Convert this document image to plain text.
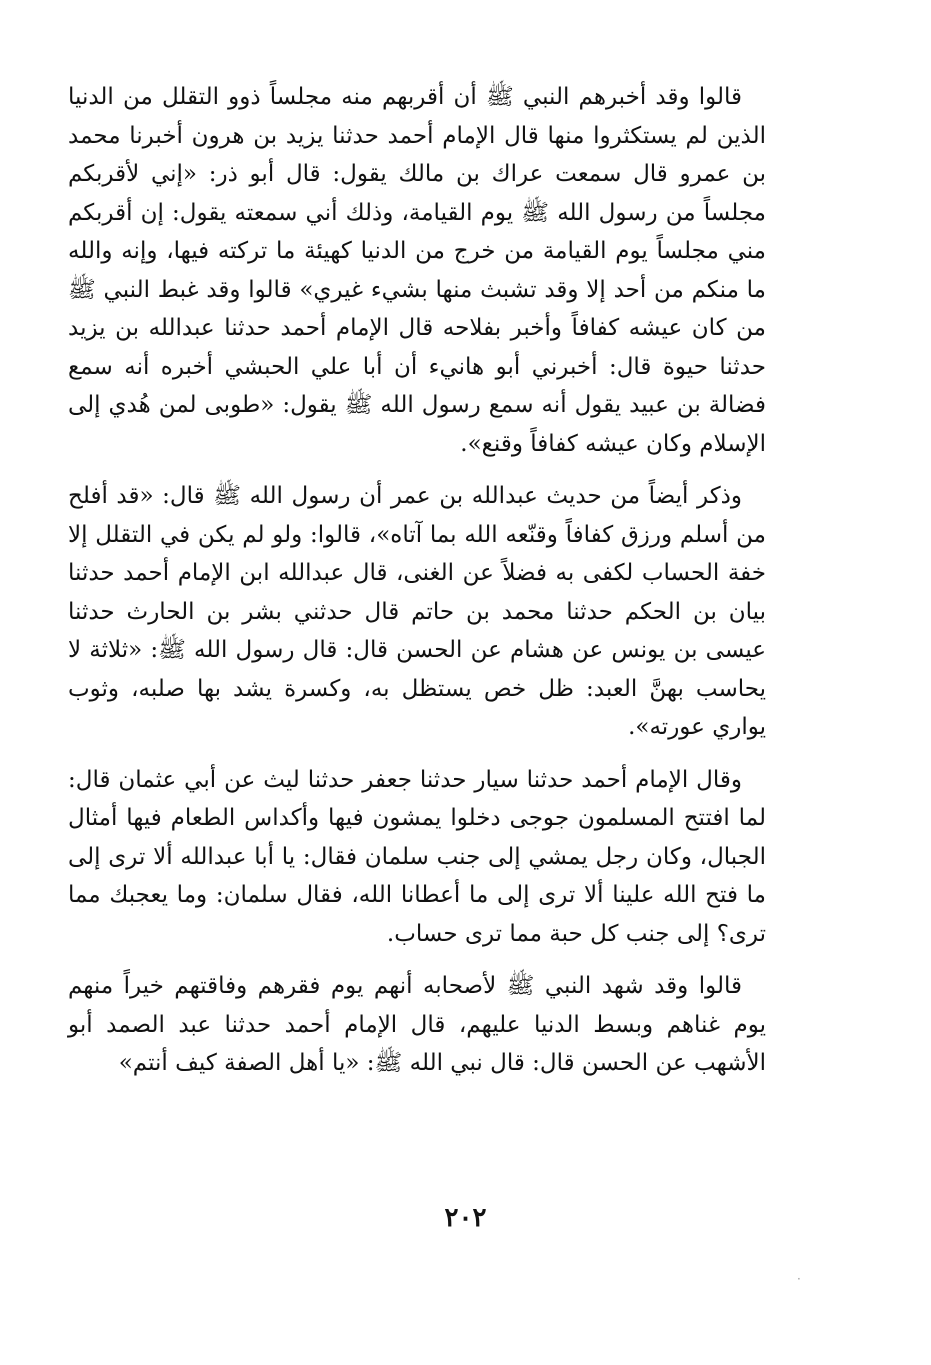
قالوا وقد أخبرهم النبي ﷺ أن أقربهم منه مجلساً ذوو التقلل من الدنيا الذين لم يستكثروا منها قال الإمام أحمد حدثنا يزيد بن هرون أخبرنا محمد بن عمرو قال سمعت عراك بن مالك يقول: قال أبو ذر: «إني لأقربكم مجلساً من رسول الله ﷺ يوم القيامة، وذلك أني سمعته يقول: إن أقربكم مني مجلساً يوم القيامة من خرج من الدنيا كهيئة ما تركته فيها، وإنه والله ما منكم من أحد إلا وقد تشبث منها بشيء غيري» قالوا وقد غبط النبي ﷺ من كان عيشه كفافاً وأخبر بفلاحه قال الإمام أحمد حدثنا عبدالله بن يزيد حدثنا حيوة قال: أخبرني أبو هانيء أن أبا علي الحبشي أخبره أنه سمع فضالة بن عبيد يقول أنه سمع رسول الله ﷺ يقول: «طوبى لمن هُدي إلى الإسلام وكان عيشه كفافاً وقنع».

وذكر أيضاً من حديث عبدالله بن عمر أن رسول الله ﷺ قال: «قد أفلح من أسلم ورزق كفافاً وقنّعه الله بما آتاه»، قالوا: ولو لم يكن في التقلل إلا خفة الحساب لكفى به فضلاً عن الغنى، قال عبدالله ابن الإمام أحمد حدثنا بيان بن الحكم حدثنا محمد بن حاتم قال حدثني بشر بن الحارث حدثنا عيسى بن يونس عن هشام عن الحسن قال: قال رسول الله ﷺ: «ثلاثة لا يحاسب بهنَّ العبد: ظل خص يستظل به، وكسرة يشد بها صلبه، وثوب يواري عورته».

وقال الإمام أحمد حدثنا سيار حدثنا جعفر حدثنا ليث عن أبي عثمان قال: لما افتتح المسلمون جوجى دخلوا يمشون فيها وأكداس الطعام فيها أمثال الجبال، وكان رجل يمشي إلى جنب سلمان فقال: يا أبا عبدالله ألا ترى إلى ما فتح الله علينا ألا ترى إلى ما أعطانا الله، فقال سلمان: وما يعجبك مما ترى؟ إلى جنب كل حبة مما ترى حساب.

قالوا وقد شهد النبي ﷺ لأصحابه أنهم يوم فقرهم وفاقتهم خيراً منهم يوم غناهم وبسط الدنيا عليهم، قال الإمام أحمد حدثنا عبد الصمد أبو الأشهب عن الحسن قال: قال نبي الله ﷺ: «يا أهل الصفة كيف أنتم»

٢٠٢
·
